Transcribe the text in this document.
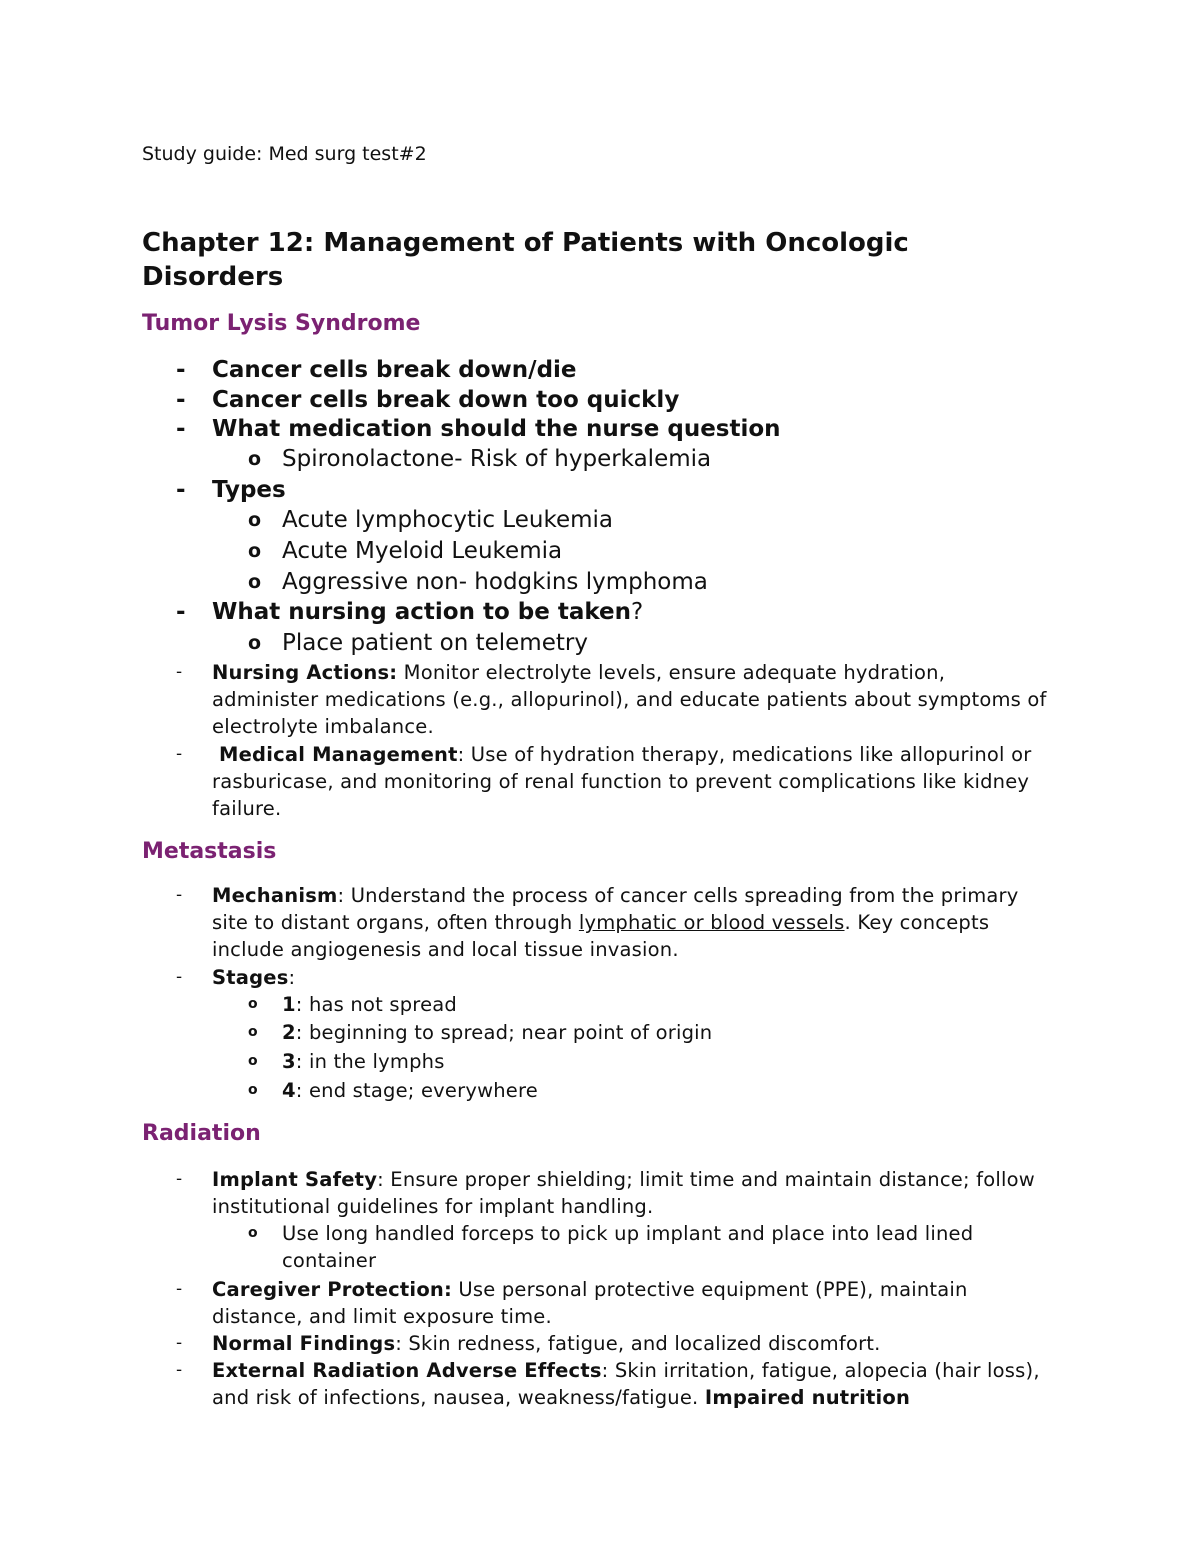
Study guide: Med surg test#2
Chapter 12: Management of Patients with Oncologic Disorders
Tumor Lysis Syndrome
- Cancer cells break down/die
- Cancer cells break down too quickly
- What medication should the nurse question
o Spironolactone- Risk of hyperkalemia
- Types
o Acute lymphocytic Leukemia
o Acute Myeloid Leukemia
o Aggressive non- hodgkins lymphoma
- What nursing action to be taken?
o Place patient on telemetry
- Nursing Actions: Monitor electrolyte levels, ensure adequate hydration, administer medications (e.g., allopurinol), and educate patients about symptoms of electrolyte imbalance.
- Medical Management: Use of hydration therapy, medications like allopurinol or rasburicase, and monitoring of renal function to prevent complications like kidney failure.
Metastasis
- Mechanism: Understand the process of cancer cells spreading from the primary site to distant organs, often through lymphatic or blood vessels. Key concepts include angiogenesis and local tissue invasion.
- Stages:
o 1: has not spread
o 2: beginning to spread; near point of origin
o 3: in the lymphs
o 4: end stage; everywhere
Radiation
- Implant Safety: Ensure proper shielding; limit time and maintain distance; follow institutional guidelines for implant handling.
o Use long handled forceps to pick up implant and place into lead lined container
- Caregiver Protection: Use personal protective equipment (PPE), maintain distance, and limit exposure time.
- Normal Findings: Skin redness, fatigue, and localized discomfort.
- External Radiation Adverse Effects: Skin irritation, fatigue, alopecia (hair loss), and risk of infections, nausea, weakness/fatigue. Impaired nutrition
